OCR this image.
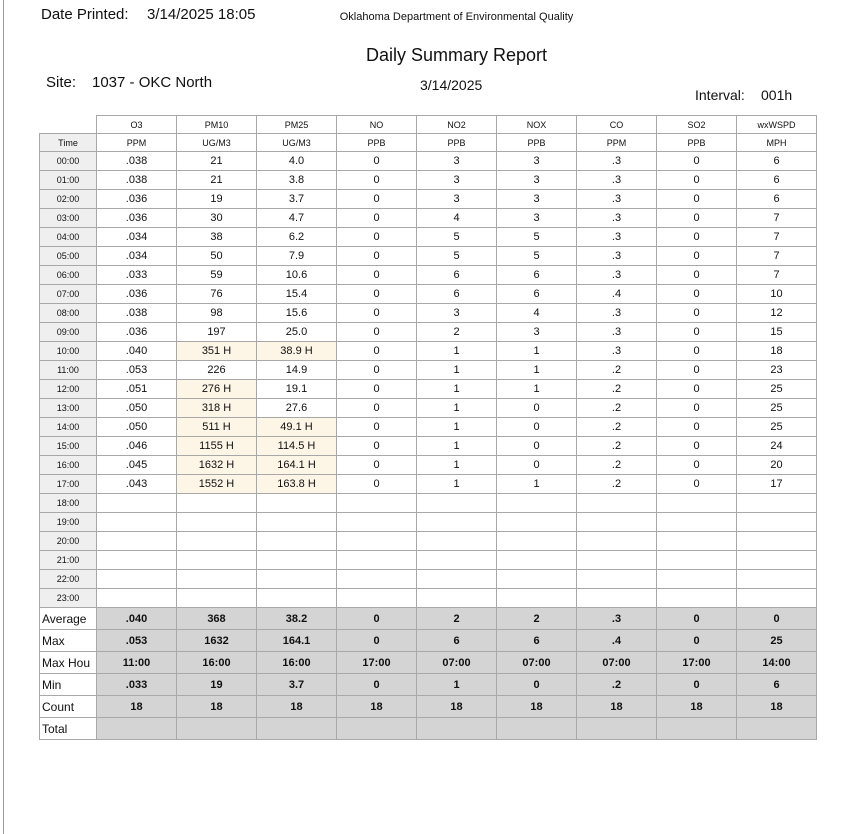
Date Printed: 3/14/2025 18:05	Oklahoma Department of Environmental Quality
Daily Summary Report
Site: 1037 - OKC North	3/14/2025
Interval: 001h
	O3	PM10	PM25	NO	NO2	NOX	CO	SO2	wxWSPD
Time	PPM	UG/M3	UG/M3	PPB	PPB	PPB	PPM	PPB	MPH
00:00	.038	21	4.0	0	3	3	.3	0	6
01:00	.038	21	3.8	0	3	3	.3	0	6
02:00	.036	19	3.7	0	3	3	.3	0	6
03:00	.036	30	4.7	0	4	3	.3	0	7
04:00	.034	38	6.2	0	5	5	.3	0	7
05:00	.034	50	7.9	0	5	5	.3	0	7
06:00	.033	59	10.6	0	6	6	.3	0	7
07:00	.036	76	15.4	0	6	6	.4	0	10
08:00	.038	98	15.6	0	3	4	.3	0	12
09:00	.036	197	25.0	0	2	3	.3	0	15
10:00	.040	351 H	38.9 H	0	1	1	.3	0	18
11:00	.053	226	14.9	0	1	1	.2	0	23
12:00	.051	276 H	19.1	0	1	1	.2	0	25
13:00	.050	318 H	27.6	0	1	0	.2	0	25
14:00	.050	511 H	49.1 H	0	1	0	.2	0	25
15:00	.046	1155 H	114.5 H	0	1	0	.2	0	24
16:00	.045	1632 H	164.1 H	0	1	0	.2	0	20
17:00	.043	1552 H	163.8 H	0	1	1	.2	0	17
18:00									
19:00									
20:00									
21:00									
22:00									
23:00									
Average	.040	368	38.2	0	2	2	.3	0	0
Max	.053	1632	164.1	0	6	6	.4	0	25
Max Hou	11:00	16:00	16:00	17:00	07:00	07:00	07:00	17:00	14:00
Min	.033	19	3.7	0	1	0	.2	0	6
Count	18	18	18	18	18	18	18	18	18
Total									
